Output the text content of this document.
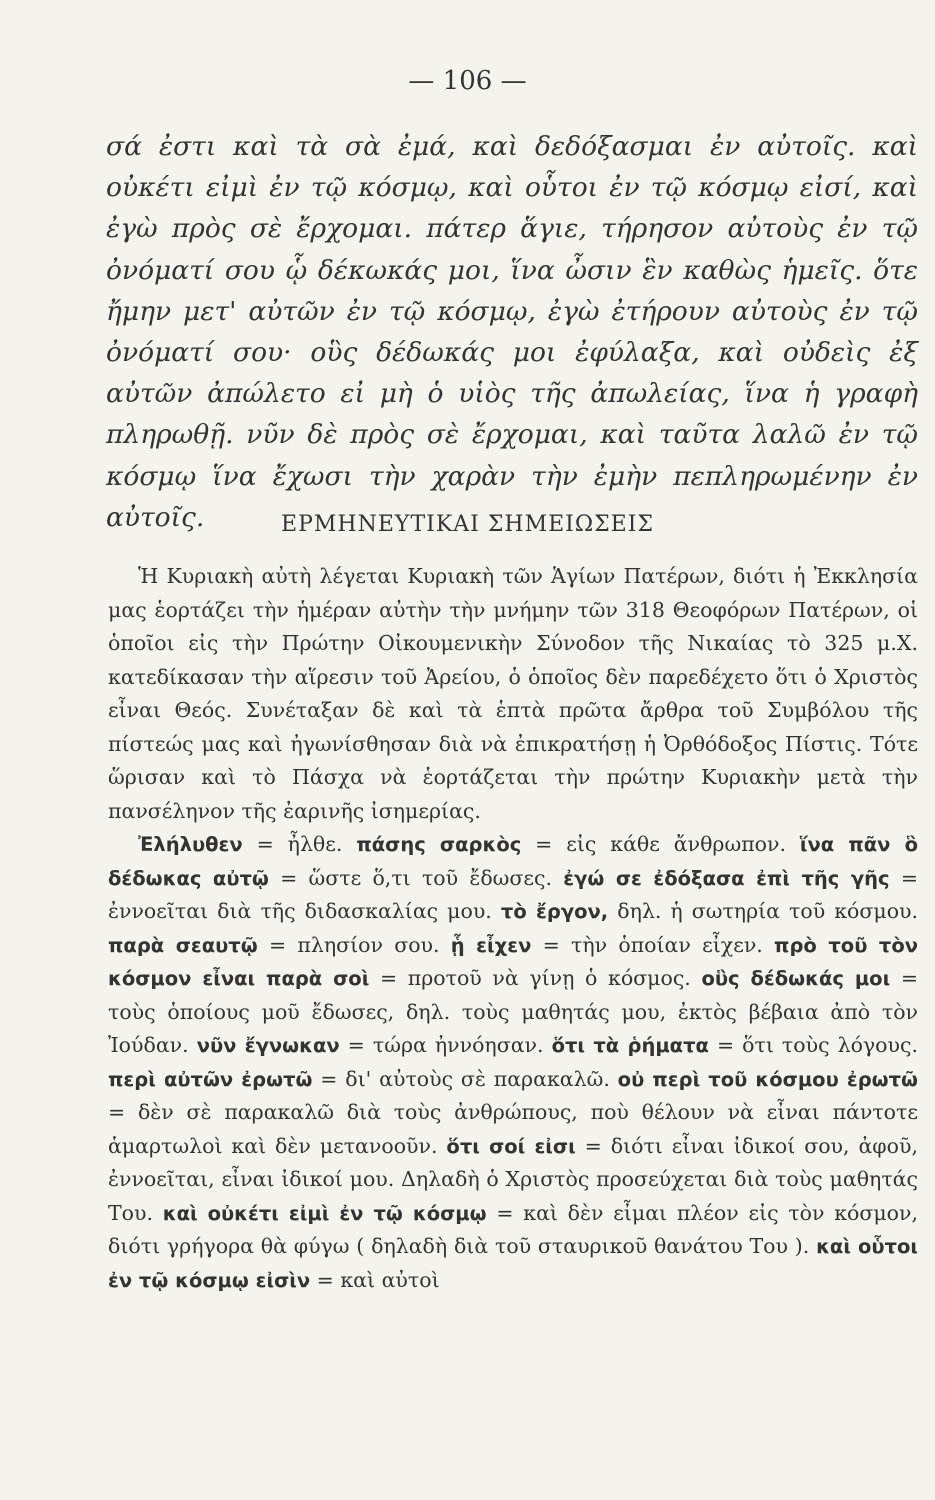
— 106 —
σά ἐστι καὶ τὰ σὰ ἐμά, καὶ δεδόξασμαι ἐν αὐτοῖς. καὶ οὐκέτι εἰμὶ ἐν τῷ κόσμῳ, καὶ οὗτοι ἐν τῷ κόσμῳ εἰσί, καὶ ἐγὼ πρὸς σὲ ἔρχομαι. πάτερ ἅγιε, τήρησον αὐτοὺς ἐν τῷ ὀνόματί σου ᾧ δέκωκάς μοι, ἵνα ὦσιν ἓν καθὼς ἡμεῖς. ὅτε ἤμην μετ' αὐτῶν ἐν τῷ κόσμῳ, ἐγὼ ἐτήρουν αὐτοὺς ἐν τῷ ὀνόματί σου· οὓς δέδωκάς μοι ἐφύλαξα, καὶ οὐδεὶς ἐξ αὐτῶν ἀπώλετο εἰ μὴ ὁ υἱὸς τῆς ἀπωλείας, ἵνα ἡ γραφὴ πληρωθῇ. νῦν δὲ πρὸς σὲ ἔρχομαι, καὶ ταῦτα λαλῶ ἐν τῷ κόσμῳ ἵνα ἔχωσι τὴν χαρὰν τὴν ἐμὴν πεπληρωμένην ἐν αὐτοῖς.	ΕΡΜΗΝΕΥΤΙΚΑΙ ΣΗΜΕΙΩΣΕΙΣ

Ἡ Κυριακὴ αὐτὴ λέγεται Κυριακὴ τῶν Ἁγίων Πατέρων, διότι ἡ Ἐκκλησία μας ἑορτάζει τὴν ἡμέραν αὐτὴν τὴν μνήμην τῶν 318 Θεοφόρων Πατέρων, οἱ ὁποῖοι εἰς τὴν Πρώτην Οἰκουμενικὴν Σύνοδον τῆς Νικαίας τὸ 325 μ.Χ. κατεδίκασαν τὴν αἵρεσιν τοῦ Ἀρείου, ὁ ὁποῖος δὲν παρεδέχετο ὅτι ὁ Χριστὸς εἶναι Θεός. Συνέταξαν δὲ καὶ τὰ ἑπτὰ πρῶτα ἄρθρα τοῦ Συμβόλου τῆς πίστεώς μας καὶ ἠγωνίσθησαν διὰ νὰ ἐπικρατήσῃ ἡ Ὀρθόδοξος Πίστις. Τότε ὥρισαν καὶ τὸ Πάσχα νὰ ἑορτάζεται τὴν πρώτην Κυριακὴν μετὰ τὴν πανσέληνον τῆς ἐαρινῆς ἰσημερίας.

Ἐλήλυθεν = ἦλθε. πάσης σαρκὸς = εἰς κάθε ἄνθρωπον. ἵνα πᾶν ὃ δέδωκας αὐτῷ = ὥστε ὅ,τι τοῦ ἔδωσες. ἐγώ σε ἐδόξασα ἐπὶ τῆς γῆς = ἐννοεῖται διὰ τῆς διδασκαλίας μου. τὸ ἔργον, δηλ. ἡ σωτηρία τοῦ κόσμου. παρὰ σεαυτῷ = πλησίον σου. ᾗ εἶχεν = τὴν ὁποίαν εἶχεν. πρὸ τοῦ τὸν κόσμον εἶναι παρὰ σοὶ = προτοῦ νὰ γίνῃ ὁ κόσμος. οὓς δέδωκάς μοι = τοὺς ὁποίους μοῦ ἔδωσες, δηλ. τοὺς μαθητάς μου, ἐκτὸς βέβαια ἀπὸ τὸν Ἰούδαν. νῦν ἔγνωκαν = τώρα ἠννόησαν. ὅτι τὰ ῥήματα = ὅτι τοὺς λόγους. περὶ αὐτῶν ἐρωτῶ = δι' αὐτοὺς σὲ παρακαλῶ. οὐ περὶ τοῦ κόσμου ἐρωτῶ = δὲν σὲ παρακαλῶ διὰ τοὺς ἀνθρώπους, ποὺ θέλουν νὰ εἶναι πάντοτε ἁμαρτωλοὶ καὶ δὲν μετανοοῦν. ὅτι σοί εἰσι = διότι εἶναι ἰδικοί σου, ἀφοῦ, ἐννοεῖται, εἶναι ἰδικοί μου. Δηλαδὴ ὁ Χριστὸς προσεύχεται διὰ τοὺς μαθητάς Του. καὶ οὐκέτι εἰμὶ ἐν τῷ κόσμῳ = καὶ δὲν εἶμαι πλέον εἰς τὸν κόσμον, διότι γρήγορα θὰ φύγω ( δηλαδὴ διὰ τοῦ σταυρικοῦ θανάτου Του ). καὶ οὗτοι ἐν τῷ κόσμῳ εἰσὶν = καὶ αὐτοὶ
